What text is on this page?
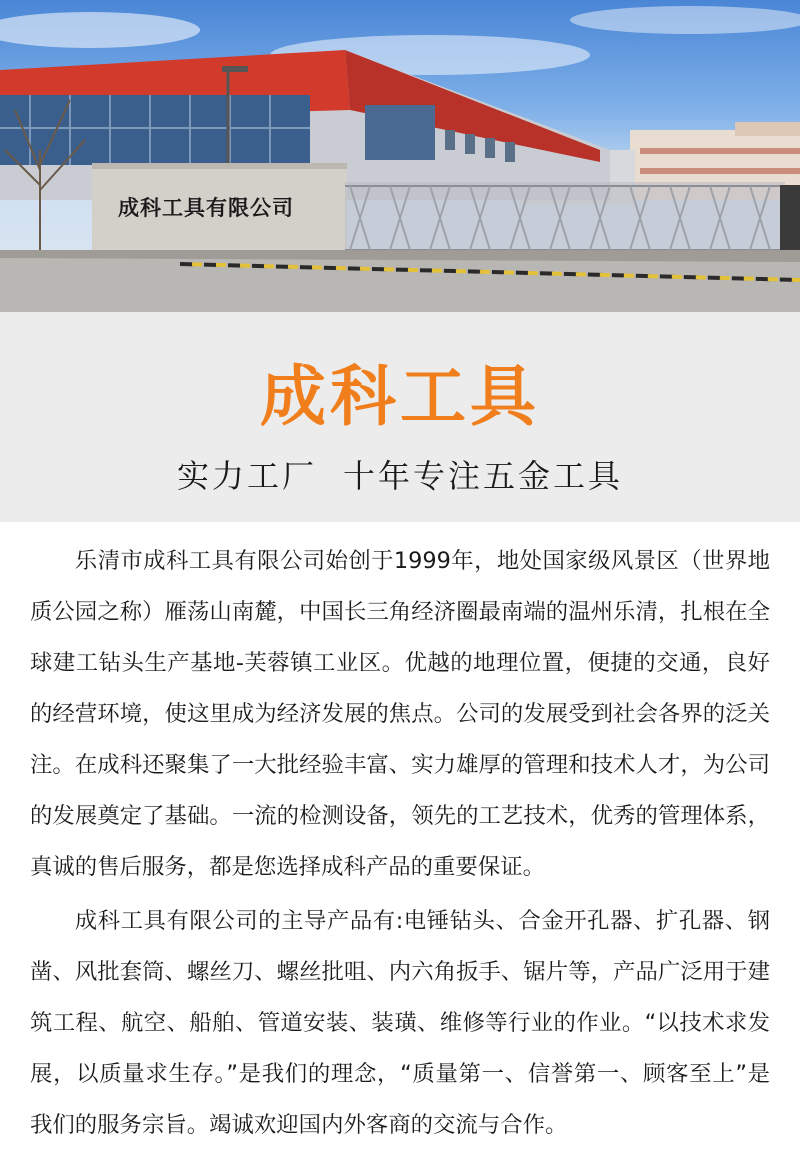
成科工具有限公司
成科工具
实力工厂 十年专注五金工具

乐清市成科工具有限公司始创于1999年，地处国家级风景区（世界地质公园之称）雁荡山南麓，中国长三角经济圈最南端的温州乐清，扎根在全球建工钻头生产基地-芙蓉镇工业区。优越的地理位置，便捷的交通，良好的经营环境，使这里成为经济发展的焦点。公司的发展受到社会各界的泛关注。在成科还聚集了一大批经验丰富、实力雄厚的管理和技术人才，为公司的发展奠定了基础。一流的检测设备，领先的工艺技术，优秀的管理体系，真诚的售后服务，都是您选择成科产品的重要保证。

成科工具有限公司的主导产品有:电锤钻头、合金开孔器、扩孔器、钢凿、风批套筒、螺丝刀、螺丝批咀、内六角扳手、锯片等，产品广泛用于建筑工程、航空、船舶、管道安装、装璜、维修等行业的作业。“以技术求发展，以质量求生存。”是我们的理念，“质量第一、信誉第一、顾客至上”是我们的服务宗旨。竭诚欢迎国内外客商的交流与合作。
